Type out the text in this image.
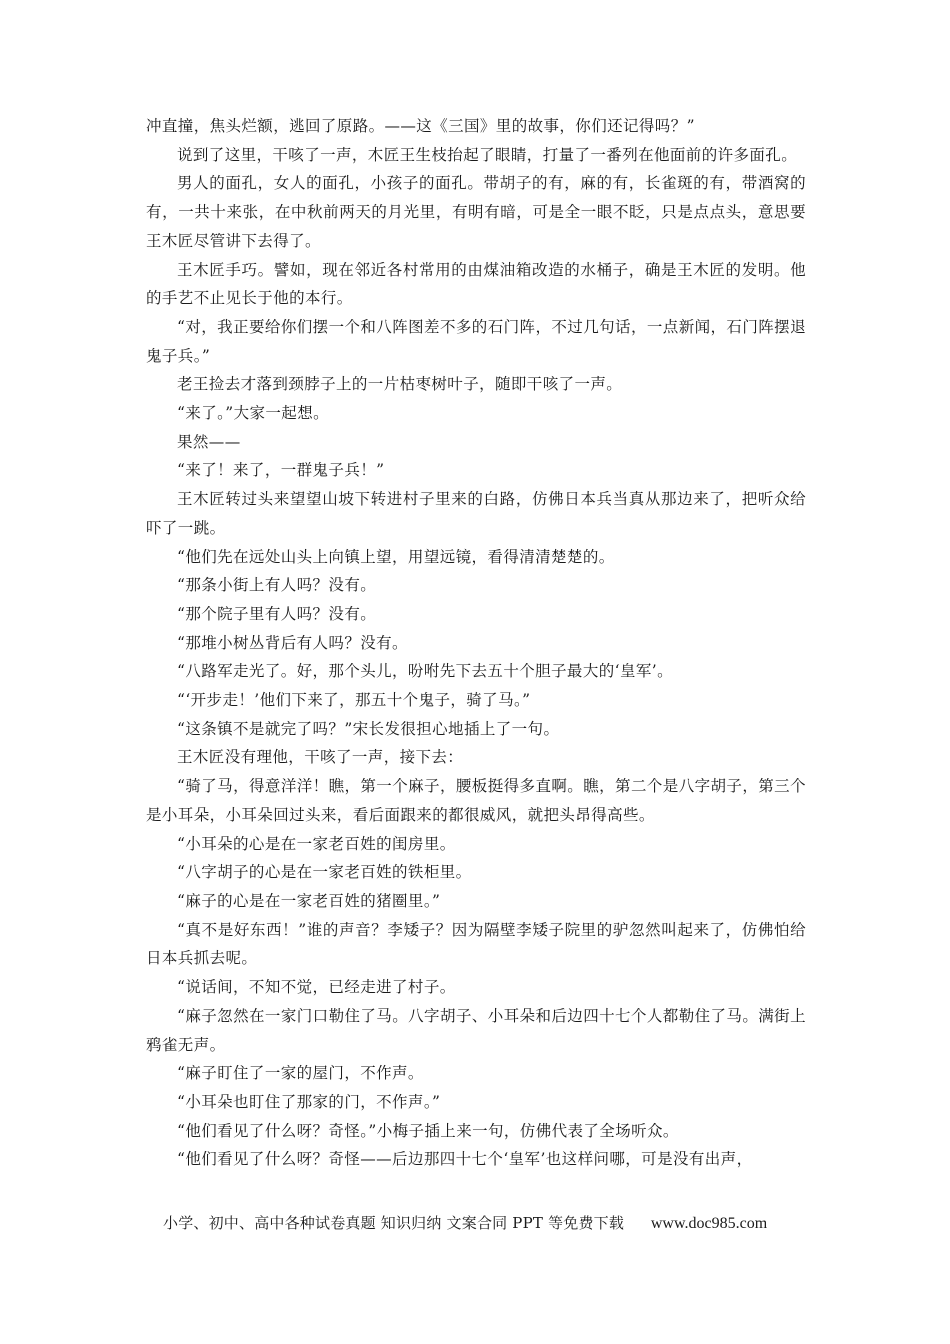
冲直撞，焦头烂额，逃回了原路。——这《三国》里的故事，你们还记得吗？”

说到了这里，干咳了一声，木匠王生枝抬起了眼睛，打量了一番列在他面前的许多面孔。

男人的面孔，女人的面孔，小孩子的面孔。带胡子的有，麻的有，长雀斑的有，带酒窝的有，一共十来张，在中秋前两天的月光里，有明有暗，可是全一眼不眨，只是点点头，意思要王木匠尽管讲下去得了。

王木匠手巧。譬如，现在邻近各村常用的由煤油箱改造的水桶子，确是王木匠的发明。他的手艺不止见长于他的本行。

“对，我正要给你们摆一个和八阵图差不多的石门阵，不过几句话，一点新闻，石门阵摆退鬼子兵。”

老王捡去才落到颈脖子上的一片枯枣树叶子，随即干咳了一声。

“来了。”大家一起想。

果然——

“来了！来了，一群鬼子兵！”

王木匠转过头来望望山坡下转进村子里来的白路，仿佛日本兵当真从那边来了，把听众给吓了一跳。

“他们先在远处山头上向镇上望，用望远镜，看得清清楚楚的。

“那条小街上有人吗？没有。

“那个院子里有人吗？没有。

“那堆小树丛背后有人吗？没有。

“八路军走光了。好，那个头儿，吩咐先下去五十个胆子最大的‘皇军’。

“‘开步走！’他们下来了，那五十个鬼子，骑了马。”

“这条镇不是就完了吗？”宋长发很担心地插上了一句。

王木匠没有理他，干咳了一声，接下去：

“骑了马，得意洋洋！瞧，第一个麻子，腰板挺得多直啊。瞧，第二个是八字胡子，第三个是小耳朵，小耳朵回过头来，看后面跟来的都很威风，就把头昂得高些。

“小耳朵的心是在一家老百姓的闺房里。

“八字胡子的心是在一家老百姓的铁柜里。

“麻子的心是在一家老百姓的猪圈里。”

“真不是好东西！”谁的声音？李矮子？因为隔壁李矮子院里的驴忽然叫起来了，仿佛怕给日本兵抓去呢。

“说话间，不知不觉，已经走进了村子。

“麻子忽然在一家门口勒住了马。八字胡子、小耳朵和后边四十七个人都勒住了马。满街上鸦雀无声。

“麻子盯住了一家的屋门，不作声。

“小耳朵也盯住了那家的门，不作声。”

“他们看见了什么呀？奇怪。”小梅子插上来一句，仿佛代表了全场听众。

“他们看见了什么呀？奇怪——后边那四十七个‘皇军’也这样问哪，可是没有出声，

小学、初中、高中各种试卷真题 知识归纳 文案合同 PPT 等免费下载 www.doc985.com
